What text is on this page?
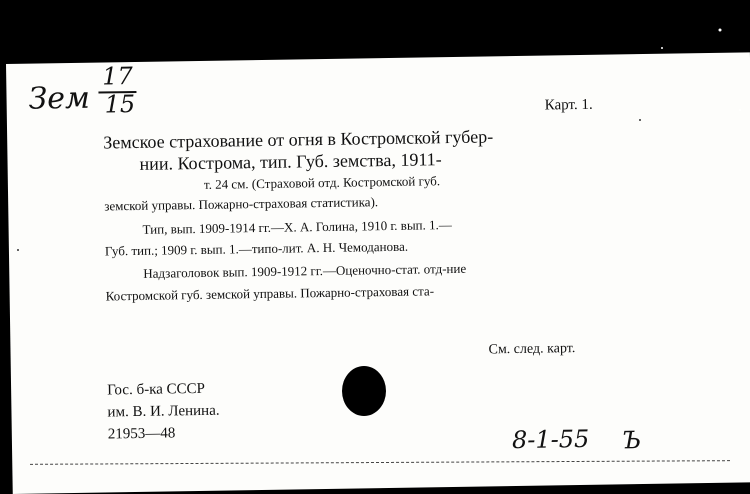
Зем
17
15	Карт. 1.
Земское страхование от огня в Костромской губер-
нии. Кострома, тип. Губ. земства, 1911-
т. 24 см. (Страховой отд. Костромской губ.
земской управы. Пожарно-страховая статистика).
Тип, вып. 1909-1914 гг.—Х. А. Голина, 1910 г. вып. 1.—
Губ. тип.; 1909 г. вып. 1.—типо-лит. А. Н. Чемоданова.
Надзаголовок вып. 1909-1912 гг.—Оценочно-стат. отд-ние
Костромской губ. земской управы. Пожарно-страховая ста-
См. след. карт.
Гос. б-ка СССР
им. В. И. Ленина.
21953—48	8-1-55 Ъ
